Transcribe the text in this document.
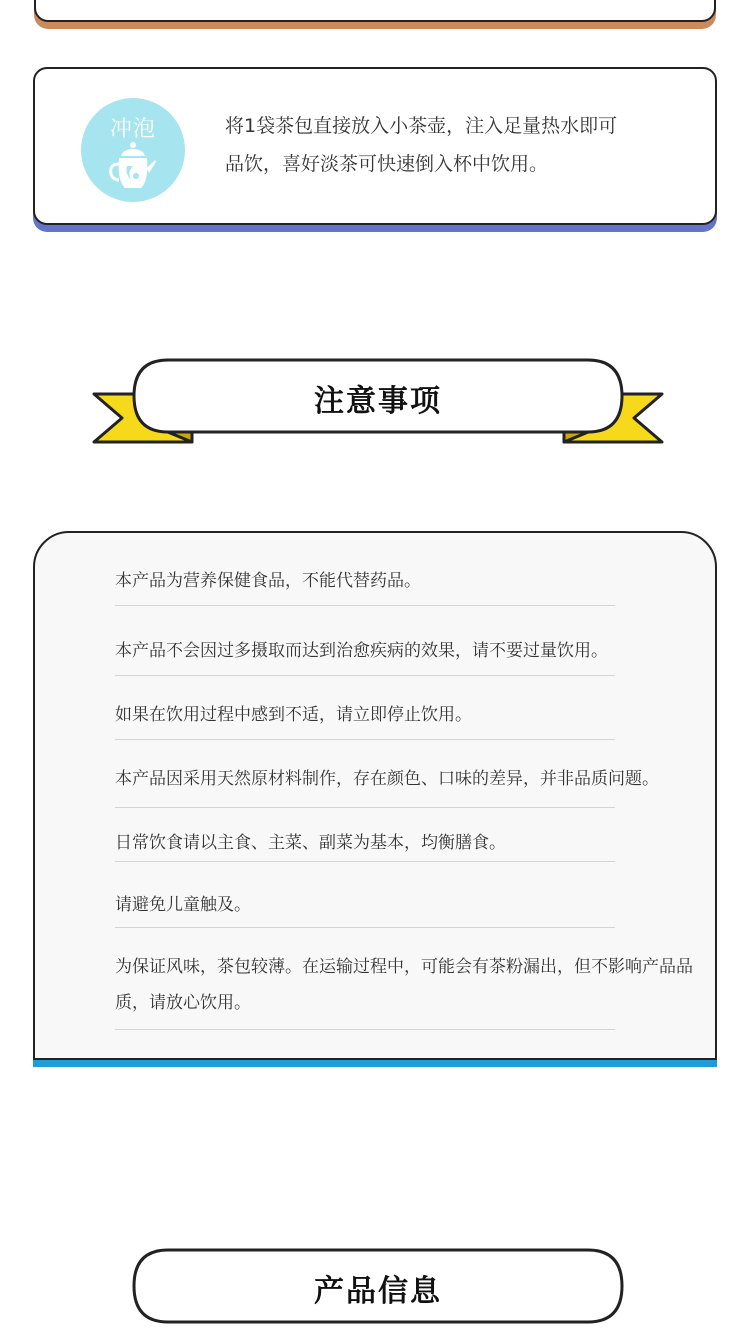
冲泡	将1袋茶包直接放入小茶壶，注入足量热水即可
品饮，喜好淡茶可快速倒入杯中饮用。
注意事项
本产品为营养保健食品，不能代替药品。
本产品不会因过多摄取而达到治愈疾病的效果，请不要过量饮用。
如果在饮用过程中感到不适，请立即停止饮用。
本产品因采用天然原材料制作，存在颜色、口味的差异，并非品质问题。
日常饮食请以主食、主菜、副菜为基本，均衡膳食。
请避免儿童触及。
为保证风味，茶包较薄。在运输过程中，可能会有茶粉漏出，但不影响产品品质，请放心饮用。
产品信息
